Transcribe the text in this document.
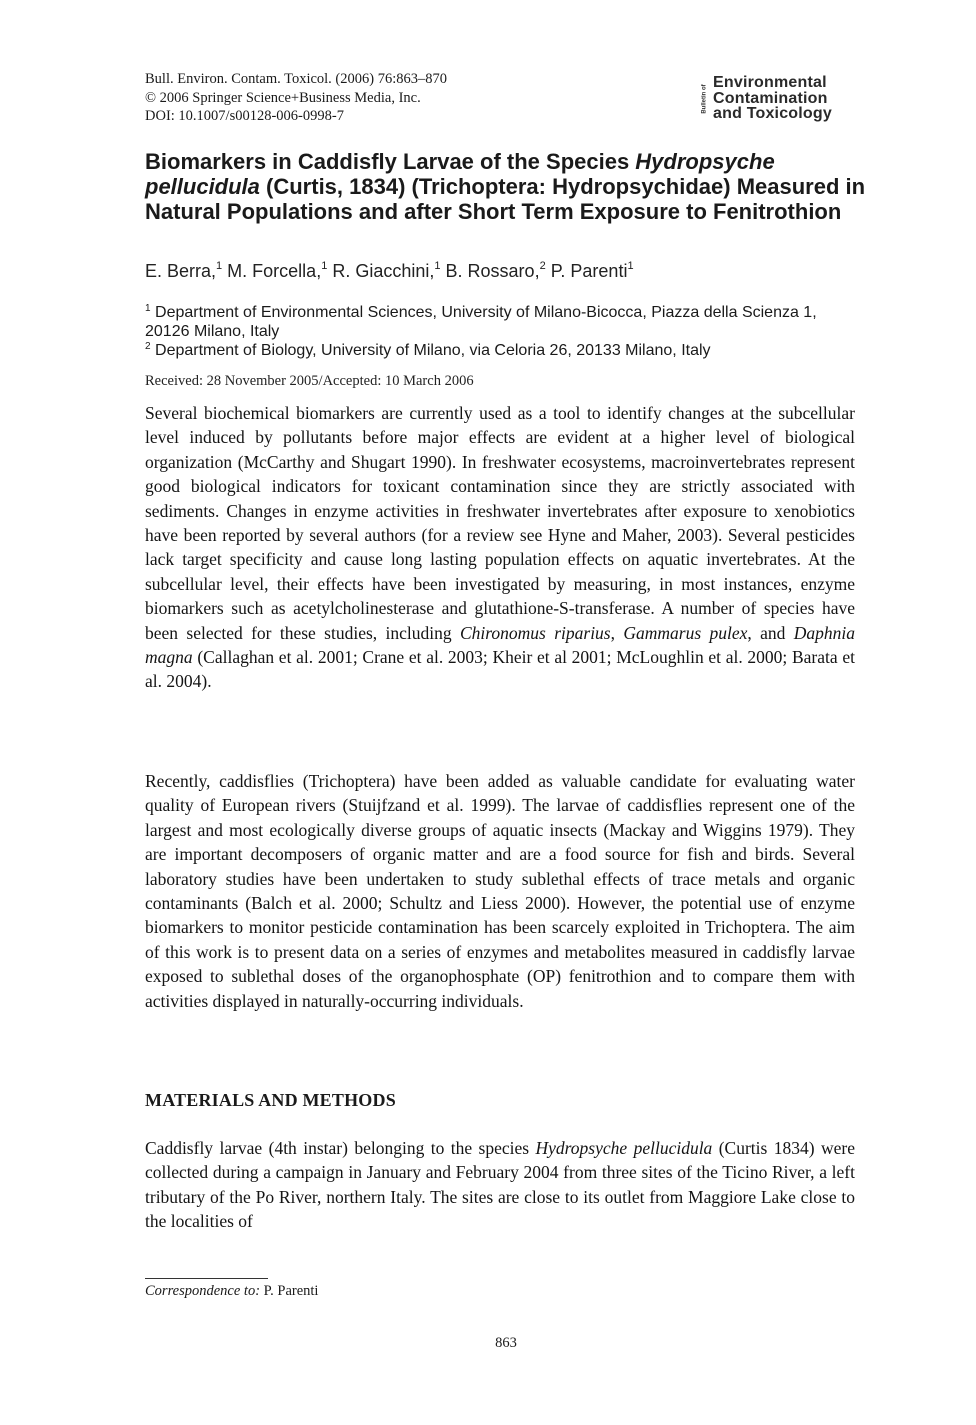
Bull. Environ. Contam. Toxicol. (2006) 76:863–870
© 2006 Springer Science+Business Media, Inc.
DOI: 10.1007/s00128-006-0998-7
Bulletin of
Environmental
Contamination
and Toxicology
Biomarkers in Caddisfly Larvae of the Species Hydropsyche pellucidula (Curtis, 1834) (Trichoptera: Hydropsychidae) Measured in Natural Populations and after Short Term Exposure to Fenitrothion
E. Berra,$^1$ M. Forcella,$^1$ R. Giacchini,$^1$ B. Rossaro,$^2$ P. Parenti$^1$
$^1$ Department of Environmental Sciences, University of Milano-Bicocca, Piazza della Scienza 1, 20126 Milano, Italy
$^2$ Department of Biology, University of Milano, via Celoria 26, 20133 Milano, Italy
Received: 28 November 2005/Accepted: 10 March 2006
Several biochemical biomarkers are currently used as a tool to identify changes at the subcellular level induced by pollutants before major effects are evident at a higher level of biological organization (McCarthy and Shugart 1990). In freshwater ecosystems, macroinvertebrates represent good biological indicators for toxicant contamination since they are strictly associated with sediments. Changes in enzyme activities in freshwater invertebrates after exposure to xenobiotics have been reported by several authors (for a review see Hyne and Maher, 2003). Several pesticides lack target specificity and cause long lasting population effects on aquatic invertebrates. At the subcellular level, their effects have been investigated by measuring, in most instances, enzyme biomarkers such as acetylcholinesterase and glutathione-S-transferase. A number of species have been selected for these studies, including Chironomus riparius, Gammarus pulex, and Daphnia magna (Callaghan et al. 2001; Crane et al. 2003; Kheir et al 2001; McLoughlin et al. 2000; Barata et al. 2004).
Recently, caddisflies (Trichoptera) have been added as valuable candidate for evaluating water quality of European rivers (Stuijfzand et al. 1999). The larvae of caddisflies represent one of the largest and most ecologically diverse groups of aquatic insects (Mackay and Wiggins 1979). They are important decomposers of organic matter and are a food source for fish and birds. Several laboratory studies have been undertaken to study sublethal effects of trace metals and organic contaminants (Balch et al. 2000; Schultz and Liess 2000). However, the potential use of enzyme biomarkers to monitor pesticide contamination has been scarcely exploited in Trichoptera. The aim of this work is to present data on a series of enzymes and metabolites measured in caddisfly larvae exposed to sublethal doses of the organophosphate (OP) fenitrothion and to compare them with activities displayed in naturally-occurring individuals.
MATERIALS AND METHODS
Caddisfly larvae (4th instar) belonging to the species Hydropsyche pellucidula (Curtis 1834) were collected during a campaign in January and February 2004 from three sites of the Ticino River, a left tributary of the Po River, northern Italy. The sites are close to its outlet from Maggiore Lake close to the localities of
Correspondence to: P. Parenti
863
